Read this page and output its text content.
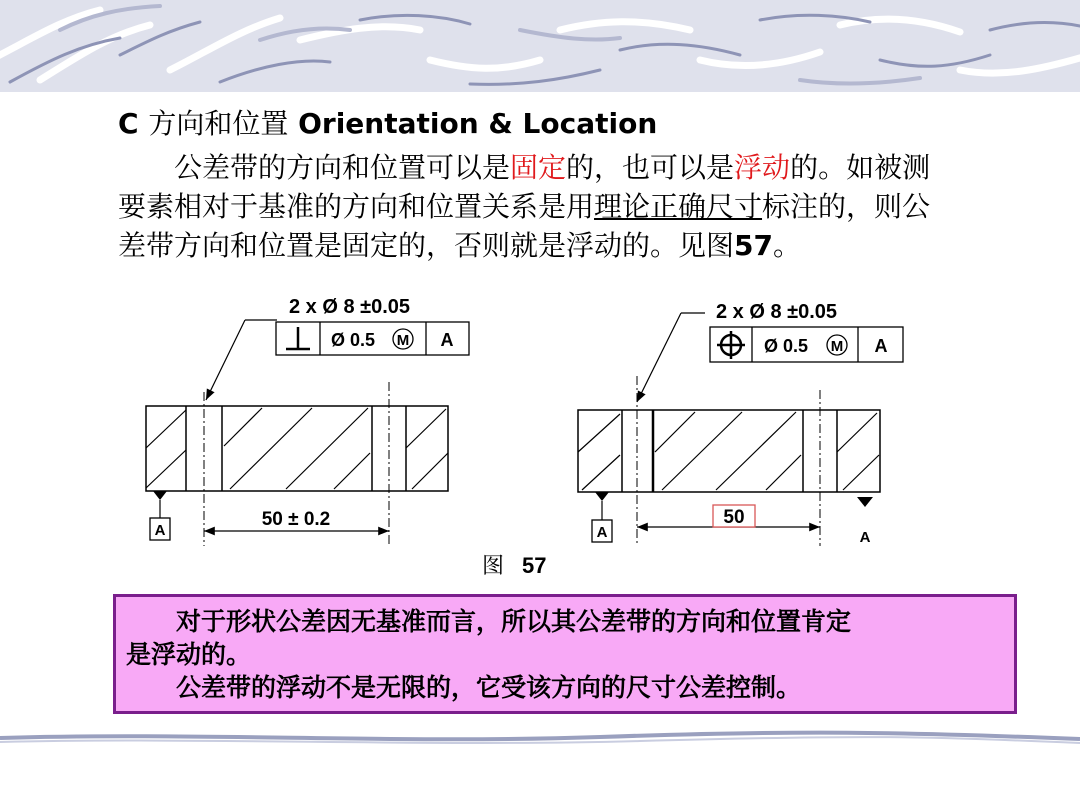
C 方向和位置 Orientation & Location
  公差带的方向和位置可以是固定的，也可以是浮动的。如被测
要素相对于基准的方向和位置关系是用理论正确尺寸标注的，则公
差带方向和位置是固定的，否则就是浮动的。见图57。
2 x Ø 8 ±0.05
Ø 0.5 M A
50 ± 0.2
A
2 x Ø 8 ±0.05
Ø 0.5 M A
50
A	A
图 57
  对于形状公差因无基准而言，所以其公差带的方向和位置肯定
是浮动的。
  公差带的浮动不是无限的，它受该方向的尺寸公差控制。
